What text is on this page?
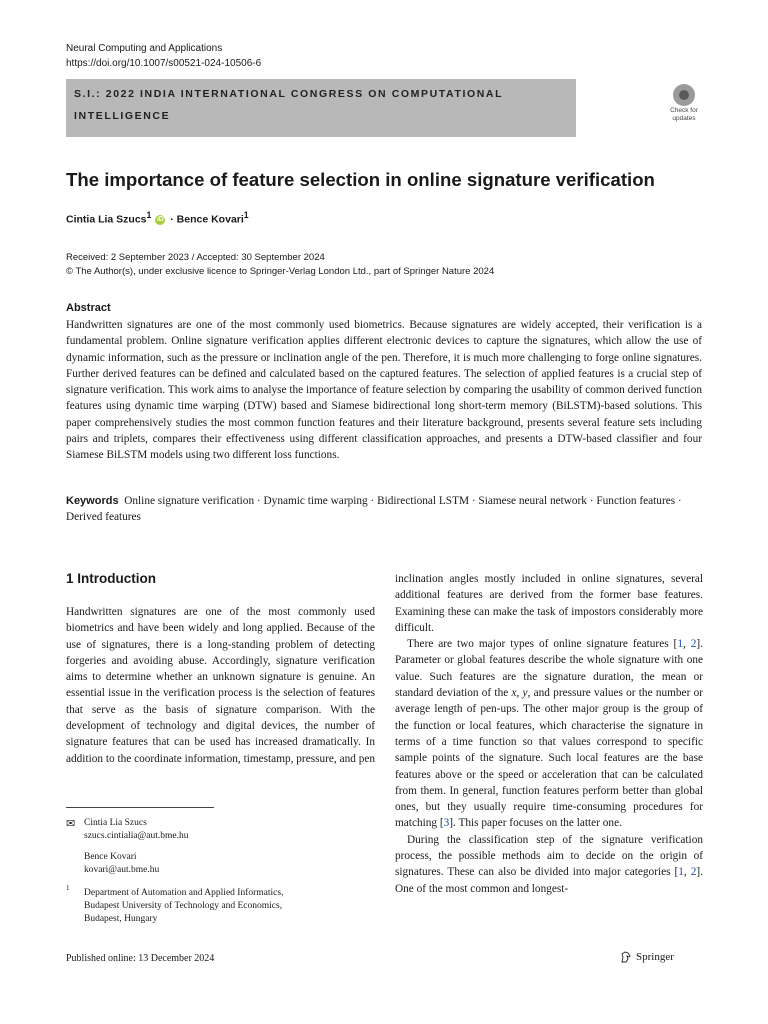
Neural Computing and Applications
https://doi.org/10.1007/s00521-024-10506-6
S.I.: 2022 INDIA INTERNATIONAL CONGRESS ON COMPUTATIONAL
INTELLIGENCE	Check for
updates
The importance of feature selection in online signature verification
Cintia Lia Szucs$^1$ iD · Bence Kovari$^1$
Received: 2 September 2023 / Accepted: 30 September 2024
© The Author(s), under exclusive licence to Springer-Verlag London Ltd., part of Springer Nature 2024
Abstract
Handwritten signatures are one of the most commonly used biometrics. Because signatures are widely accepted, their verification is a fundamental problem. Online signature verification applies different electronic devices to capture the signatures, which allow the use of dynamic information, such as the pressure or inclination angle of the pen. Therefore, it is much more challenging to forge online signatures. Further derived features can be defined and calculated based on the captured features. The selection of applied features is a crucial step of signature verification. This work aims to analyse the importance of feature selection by comparing the usability of common derived function features using dynamic time warping (DTW) based and Siamese bidirectional long short-term memory (BiLSTM)-based solutions. This paper comprehensively studies the most common function features and their literature background, presents several feature sets including pairs and triplets, compares their effectiveness using different classification approaches, and presents a DTW-based classifier and four Siamese BiLSTM models using two different loss functions.
Keywords Online signature verification · Dynamic time warping · Bidirectional LSTM · Siamese neural network · Function features · Derived features
1 Introduction

Handwritten signatures are one of the most commonly used biometrics and have been widely and long applied. Because of the use of signatures, there is a long-standing problem of detecting forgeries and avoiding abuse. Accordingly, signature verification aims to determine whether an unknown signature is genuine. An essential issue in the verification process is the selection of features that serve as the basis of signature comparison. With the development of technology and digital devices, the number of signature features that can be used has increased dramatically. In addition to the coordinate information, timestamp, pressure, and pen

inclination angles mostly included in online signatures, several additional features are derived from the former base features. Examining these can make the task of impostors considerably more difficult.

There are two major types of online signature features [1, 2]. Parameter or global features describe the whole signature with one value. Such features are the signature duration, the mean or standard deviation of the x, y, and pressure values or the number or average length of pen-ups. The other major group is the group of the function or local features, which characterise the signature in terms of a time function so that values correspond to specific sample points of the signature. Such local features are the base features above or the speed or acceleration that can be calculated from them. In general, function features perform better than global ones, but they usually require time-consuming procedures for matching [3]. This paper focuses on the latter one.

During the classification step of the signature verification process, the possible methods aim to decide on the origin of signatures. These can also be divided into major categories [1, 2]. One of the most common and longest-

✉ Cintia Lia Szucs
szucs.cintialia@aut.bme.hu
Bence Kovari
kovari@aut.bme.hu
1 Department of Automation and Applied Informatics,
Budapest University of Technology and Economics,
Budapest, Hungary
Published online: 13 December 2024	Springer
